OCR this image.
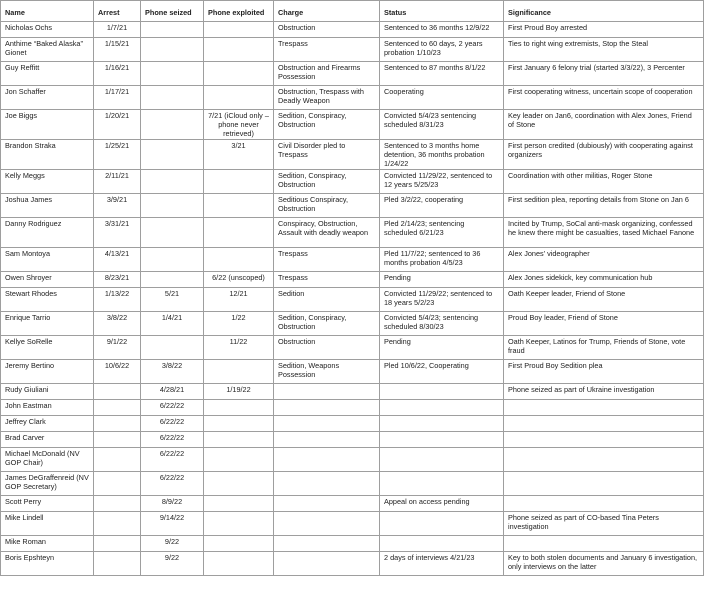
Name	Arrest	Phone seized	Phone exploited	Charge	Status	Significance
Nicholas Ochs	1/7/21			Obstruction	Sentenced to 36 months 12/9/22	First Proud Boy arrested
Anthime “Baked Alaska” Gionet	1/15/21			Trespass	Sentenced to 60 days, 2 years probation 1/10/23	Ties to right wing extremists, Stop the Steal
Guy Reffitt	1/16/21			Obstruction and Firearms Possession	Sentenced to 87 months 8/1/22	First January 6 felony trial (started 3/3/22), 3 Percenter
Jon Schaffer	1/17/21			Obstruction, Trespass with Deadly Weapon	Cooperating	First cooperating witness, uncertain scope of cooperation
Joe Biggs	1/20/21		7/21 (iCloud only – phone never retrieved)	Sedition, Conspiracy, Obstruction	Convicted 5/4/23 sentencing scheduled 8/31/23	Key leader on Jan6, coordination with Alex Jones, Friend of Stone
Brandon Straka	1/25/21		3/21	Civil Disorder pled to Trespass	Sentenced to 3 months home detention, 36 months probation 1/24/22	First person credited (dubiously) with cooperating against organizers
Kelly Meggs	2/11/21			Sedition, Conspiracy, Obstruction	Convicted 11/29/22, sentenced to 12 years 5/25/23	Coordination with other militias, Roger Stone
Joshua James	3/9/21			Seditious Conspiracy, Obstruction	Pled 3/2/22, cooperating	First sedition plea, reporting details from Stone on Jan 6
Danny Rodriguez	3/31/21			Conspiracy, Obstruction, Assault with deadly weapon	Pled 2/14/23; sentencing scheduled 6/21/23	Incited by Trump, SoCal anti-mask organizing, confessed he knew there might be casualties, tased Michael Fanone
Sam Montoya	4/13/21			Trespass	Pled 11/7/22; sentenced to 36 months probation 4/5/23	Alex Jones’ videographer
Owen Shroyer	8/23/21		6/22 (unscoped)	Trespass	Pending	Alex Jones sidekick, key communication hub
Stewart Rhodes	1/13/22	5/21	12/21	Sedition	Convicted 11/29/22; sentenced to 18 years 5/2/23	Oath Keeper leader, Friend of Stone
Enrique Tarrio	3/8/22	1/4/21	1/22	Sedition, Conspiracy, Obstruction	Convicted 5/4/23; sentencing scheduled 8/30/23	Proud Boy leader, Friend of Stone
Kellye SoRelle	9/1/22		11/22	Obstruction	Pending	Oath Keeper, Latinos for Trump, Friends of Stone, vote fraud
Jeremy Bertino	10/6/22	3/8/22		Sedition, Weapons Possession	Pled 10/6/22, Cooperating	First Proud Boy Sedition plea
Rudy Giuliani		4/28/21	1/19/22			Phone seized as part of Ukraine investigation
John Eastman		6/22/22				
Jeffrey Clark		6/22/22				
Brad Carver		6/22/22				
Michael McDonald (NV GOP Chair)		6/22/22				
James DeGraffenreid (NV GOP Secretary)		6/22/22				
Scott Perry		8/9/22			Appeal on access pending	
Mike Lindell		9/14/22				Phone seized as part of CO-based Tina Peters investigation
Mike Roman		9/22				
Boris Epshteyn		9/22			2 days of interviews 4/21/23	Key to both stolen documents and January 6 investigation, only interviews on the latter
